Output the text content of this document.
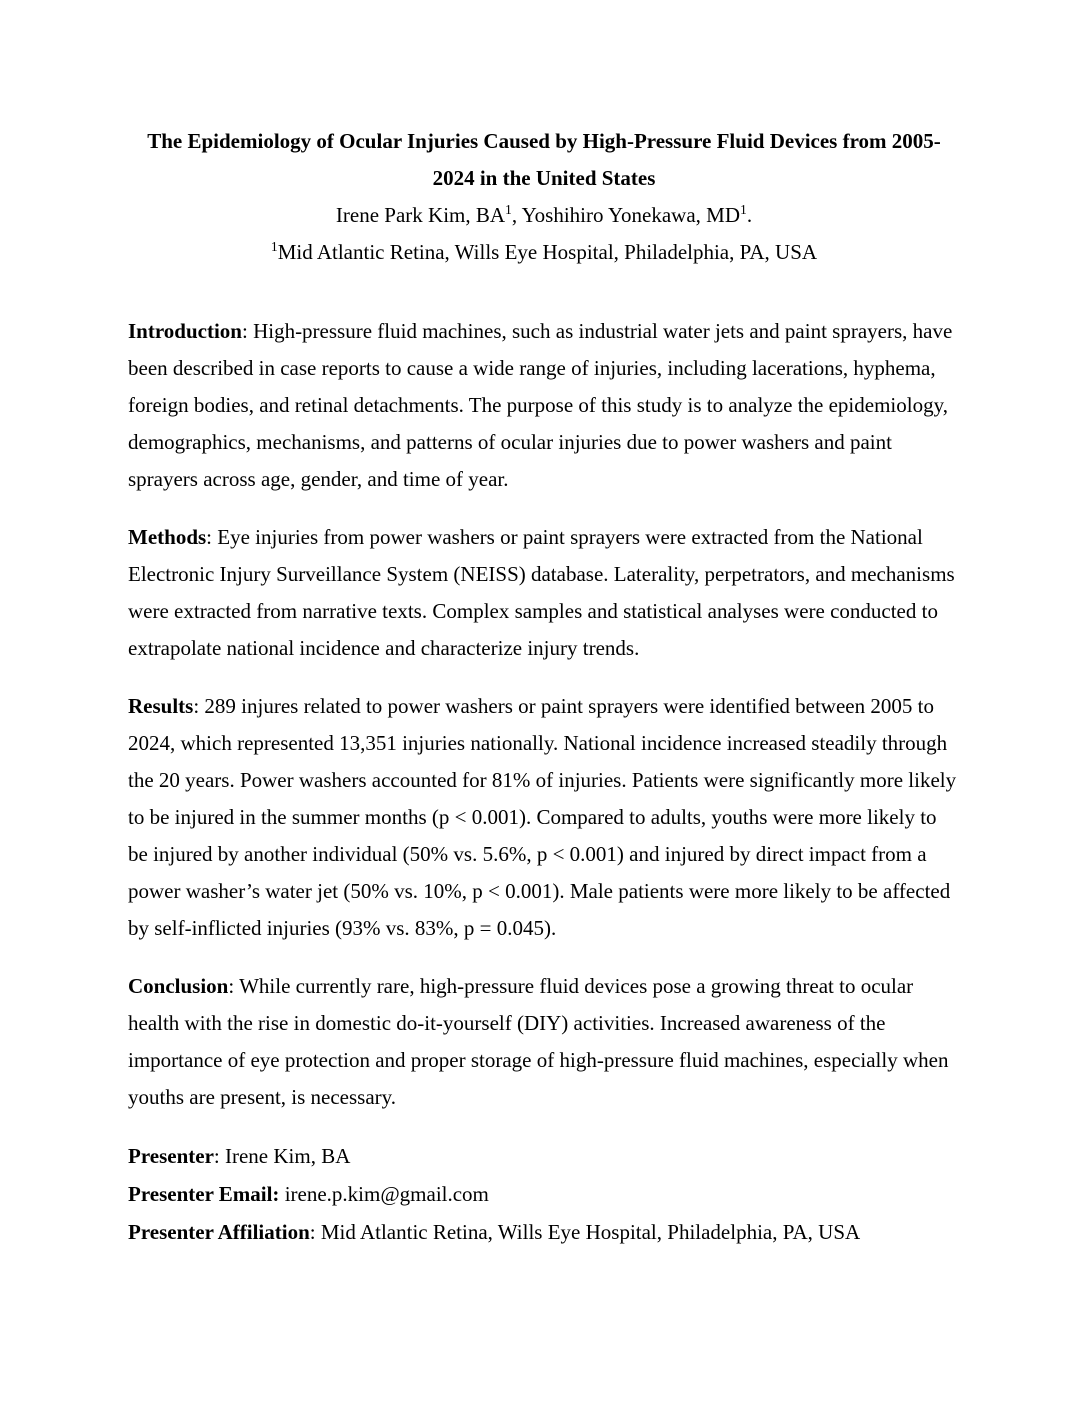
The Epidemiology of Ocular Injuries Caused by High-Pressure Fluid Devices from 2005-
2024 in the United States
Irene Park Kim, $BA^1$, Yoshihiro Yonekawa, $MD^1$.
$^1$Mid Atlantic Retina, Wills Eye Hospital, Philadelphia, PA, USA

Introduction: High-pressure fluid machines, such as industrial water jets and paint sprayers, have been described in case reports to cause a wide range of injuries, including lacerations, hyphema, foreign bodies, and retinal detachments. The purpose of this study is to analyze the epidemiology, demographics, mechanisms, and patterns of ocular injuries due to power washers and paint sprayers across age, gender, and time of year.

Methods: Eye injuries from power washers or paint sprayers were extracted from the National Electronic Injury Surveillance System (NEISS) database. Laterality, perpetrators, and mechanisms were extracted from narrative texts. Complex samples and statistical analyses were conducted to extrapolate national incidence and characterize injury trends.

Results: 289 injures related to power washers or paint sprayers were identified between 2005 to 2024, which represented 13,351 injuries nationally. National incidence increased steadily through the 20 years. Power washers accounted for 81% of injuries. Patients were significantly more likely to be injured in the summer months (p < 0.001). Compared to adults, youths were more likely to be injured by another individual (50% vs. 5.6%, p < 0.001) and injured by direct impact from a power washer’s water jet (50% vs. 10%, p < 0.001). Male patients were more likely to be affected by self-inflicted injuries (93% vs. 83%, p = 0.045).

Conclusion: While currently rare, high-pressure fluid devices pose a growing threat to ocular health with the rise in domestic do-it-yourself (DIY) activities. Increased awareness of the importance of eye protection and proper storage of high-pressure fluid machines, especially when youths are present, is necessary.

Presenter: Irene Kim, BA
Presenter Email: irene.p.kim@gmail.com
Presenter Affiliation: Mid Atlantic Retina, Wills Eye Hospital, Philadelphia, PA, USA
